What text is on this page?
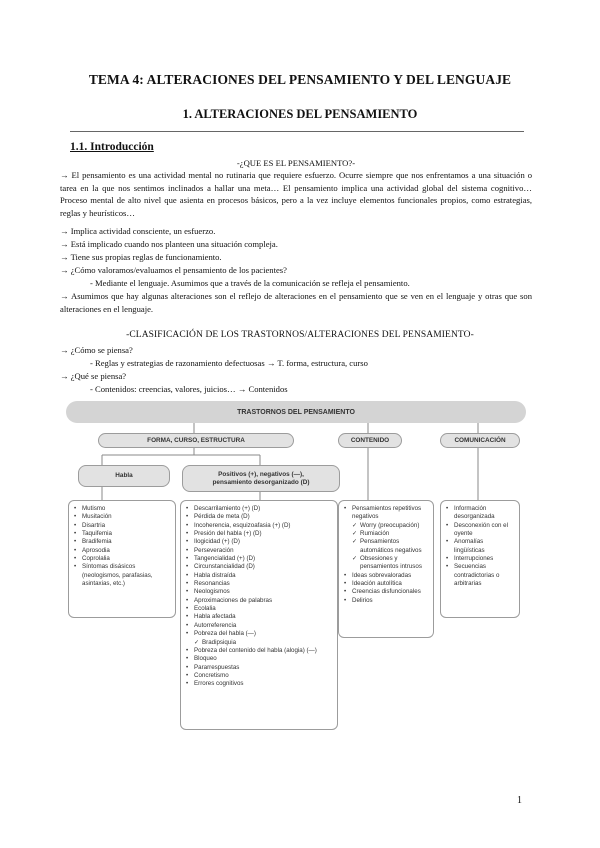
TEMA 4: ALTERACIONES DEL PENSAMIENTO Y DEL LENGUAJE
1. ALTERACIONES DEL PENSAMIENTO
1.1. Introducción
-¿QUE ES EL PENSAMIENTO?-
→ El pensamiento es una actividad mental no rutinaria que requiere esfuerzo. Ocurre siempre que nos enfrentamos a una situación o tarea en la que nos sentimos inclinados a hallar una meta… El pensamiento implica una actividad global del sistema cognitivo… Proceso mental de alto nivel que asienta en procesos básicos, pero a la vez incluye elementos funcionales propios, como estrategias, reglas y heurísticos…
→ Implica actividad consciente, un esfuerzo.
→ Está implicado cuando nos planteen una situación compleja.
→ Tiene sus propias reglas de funcionamiento.
→ ¿Cómo valoramos/evaluamos el pensamiento de los pacientes?
- Mediante el lenguaje. Asumimos que a través de la comunicación se refleja el pensamiento.
→ Asumimos que hay algunas alteraciones son el reflejo de alteraciones en el pensamiento que se ven en el lenguaje y otras que son alteraciones en el lenguaje.
-CLASIFICACIÓN DE LOS TRASTORNOS/ALTERACIONES DEL PENSAMIENTO-
→ ¿Cómo se piensa?
- Reglas y estrategias de razonamiento defectuosas → T. forma, estructura, curso
→ ¿Qué se piensa?
- Contenidos: creencias, valores, juicios… → Contenidos
TRASTORNOS DEL PENSAMIENTO
FORMA, CURSO, ESTRUCTURA	CONTENIDO	COMUNICACIÓN
Habla	Positivos (+), negativos (—),
pensamiento desorganizado (D)
• Mutismo
• Musitación
• Disartria
• Taquifemia
• Bradifemia
• Aprosodia
• Coprolalia
• Síntomas disásicos (neologismos, parafasias, asintaxias, etc.)
• Descarrilamiento (+) (D)
• Pérdida de meta (D)
• Incoherencia, esquizoafasia (+) (D)
• Presión del habla (+) (D)
• Ilogicidad (+) (D)
• Perseveración
• Tangencialidad (+) (D)
• Circunstancialidad (D)
• Habla distraída
• Resonancias
• Neologismos
• Aproximaciones de palabras
• Ecolalia
• Habla afectada
• Autorreferencia
• Pobreza del habla (—)
✓ Bradipsiquia
• Pobreza del contenido del habla (alogia) (—)
• Bloqueo
• Pararrespuestas
• Concretismo
• Errores cognitivos
• Pensamientos repetitivos negativos
✓ Worry (preocupación)
✓ Rumiación
✓ Pensamientos automáticos negativos
✓ Obsesiones y pensamientos intrusos
• Ideas sobrevaloradas
• Ideación autolítica
• Creencias disfuncionales
• Delirios
• Información desorganizada
• Desconexión con el oyente
• Anomalías lingüísticas
• Interrupciones
• Secuencias contradictorias o arbitrarias
1
